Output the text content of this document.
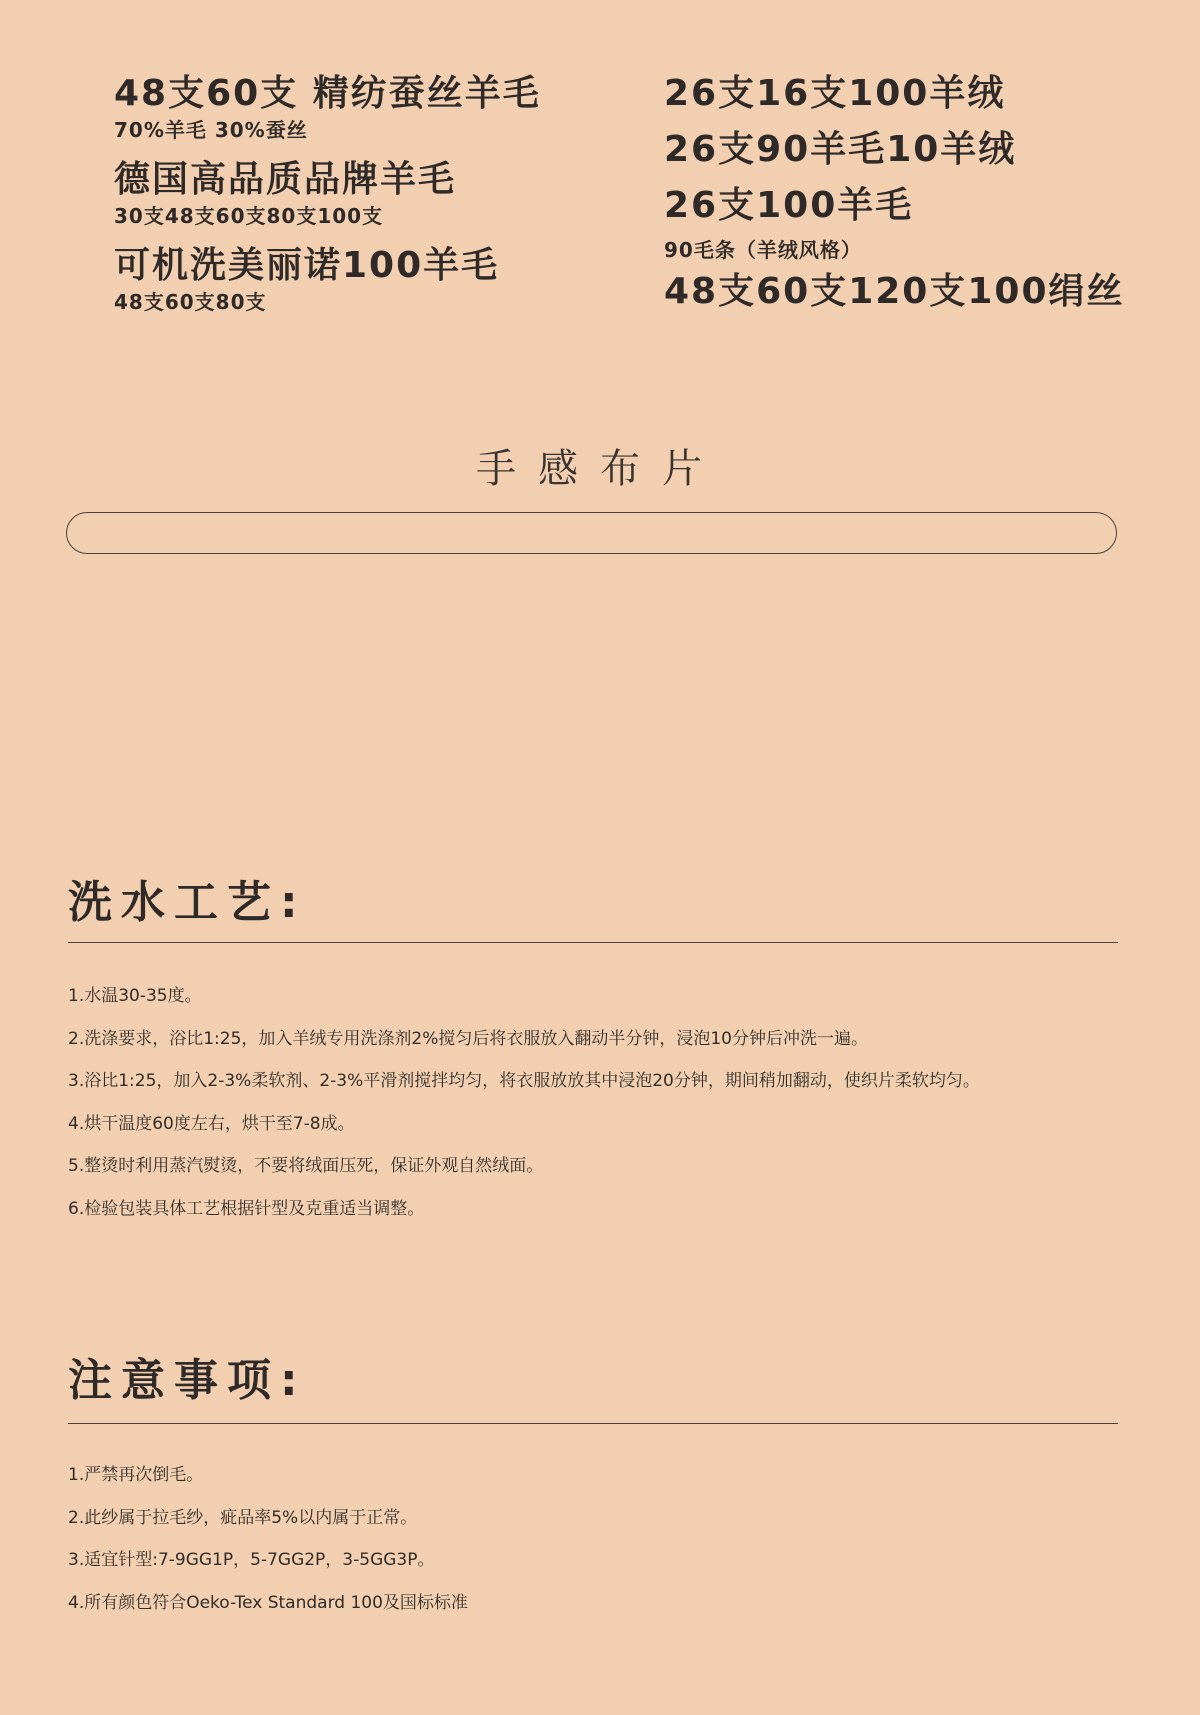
48支60支 精纺蚕丝羊毛
70%羊毛 30%蚕丝
德国高品质品牌羊毛
30支48支60支80支100支
可机洗美丽诺100羊毛
48支60支80支
26支16支100羊绒
26支90羊毛10羊绒
26支100羊毛
90毛条（羊绒风格）
48支60支120支100绢丝
手感布片
洗水工艺:
1.水温30-35度。
2.洗涤要求，浴比1:25，加入羊绒专用洗涤剂2%搅匀后将衣服放入翻动半分钟，浸泡10分钟后冲洗一遍。
3.浴比1:25，加入2-3%柔软剂、2-3%平滑剂搅拌均匀，将衣服放放其中浸泡20分钟，期间稍加翻动，使织片柔软均匀。
4.烘干温度60度左右，烘干至7-8成。
5.整烫时利用蒸汽熨烫，不要将绒面压死，保证外观自然绒面。
6.检验包装具体工艺根据针型及克重适当调整。
注意事项:
1.严禁再次倒毛。
2.此纱属于拉毛纱，疵品率5%以内属于正常。
3.适宜针型:7-9GG1P，5-7GG2P，3-5GG3P。
4.所有颜色符合Oeko-Tex Standard 100及国标标准
